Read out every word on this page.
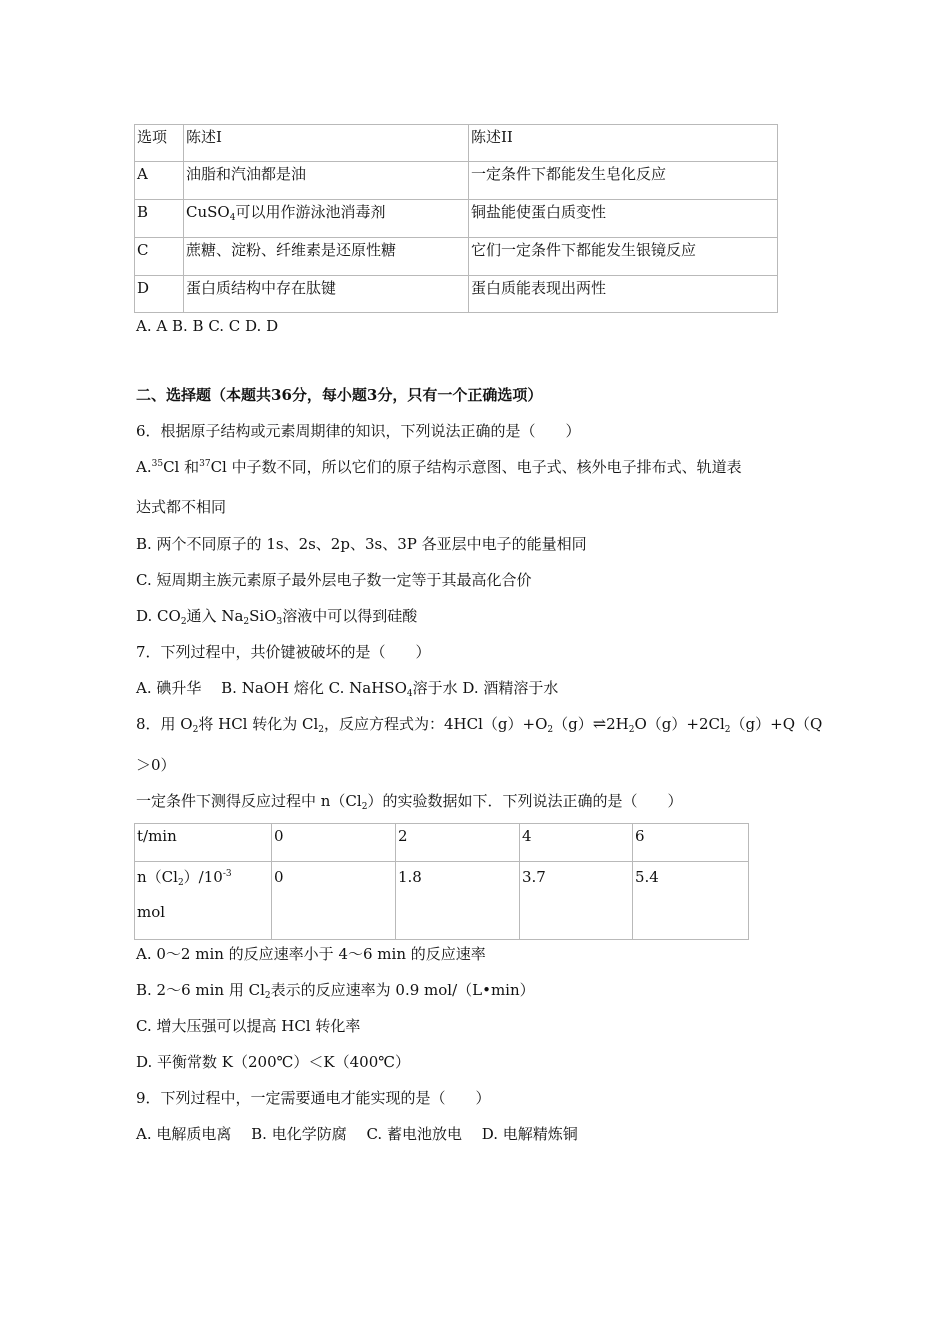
选项	陈述I	陈述II
A	油脂和汽油都是油	一定条件下都能发生皂化反应
B	CuSO$_4$可以用作游泳池消毒剂	铜盐能使蛋白质变性
C	蔗糖、淀粉、纤维素是还原性糖	它们一定条件下都能发生银镜反应
D	蛋白质结构中存在肽键	蛋白质能表现出两性
A. A B. B C. C D. D
二、选择题（本题共36分，每小题3分，只有一个正确选项）
6．根据原子结构或元素周期律的知识，下列说法正确的是（　　）
A.$^{35}$Cl 和$^{37}$Cl 中子数不同，所以它们的原子结构示意图、电子式、核外电子排布式、轨道表
达式都不相同
B. 两个不同原子的 1s、2s、2p、3s、3P 各亚层中电子的能量相同
C. 短周期主族元素原子最外层电子数一定等于其最高化合价
D. $CO_2$通入 $Na_2SiO_3$溶液中可以得到硅酸
7．下列过程中，共价键被破坏的是（　　）
A. 碘升华　 B. NaOH 熔化 C. NaHSO$_4$溶于水 D. 酒精溶于水
8．用 $O_2$将 HCl 转化为 $Cl_2$，反应方程式为：$4HCl(g)+O_2(g)\rightleftharpoons 2H_2O(g)+2Cl_2(g)+Q(Q$
＞0）
一定条件下测得反应过程中 $n(Cl_2)$的实验数据如下．下列说法正确的是（　　）
t/min	0	2	4	6

$n(Cl_2)/10^{-3}$
mol	0	1.8	3.7	5.4
A. 0～2 min 的反应速率小于 4～6 min 的反应速率
B. 2～6 min 用 $Cl_2$表示的反应速率为 0.9 mol/（L•min）
C. 增大压强可以提高 HCl 转化率
D. 平衡常数 K（200℃）＜K（400℃）
9．下列过程中，一定需要通电才能实现的是（　　）
A. 电解质电离　 B. 电化学防腐　 C. 蓄电池放电　 D. 电解精炼铜
